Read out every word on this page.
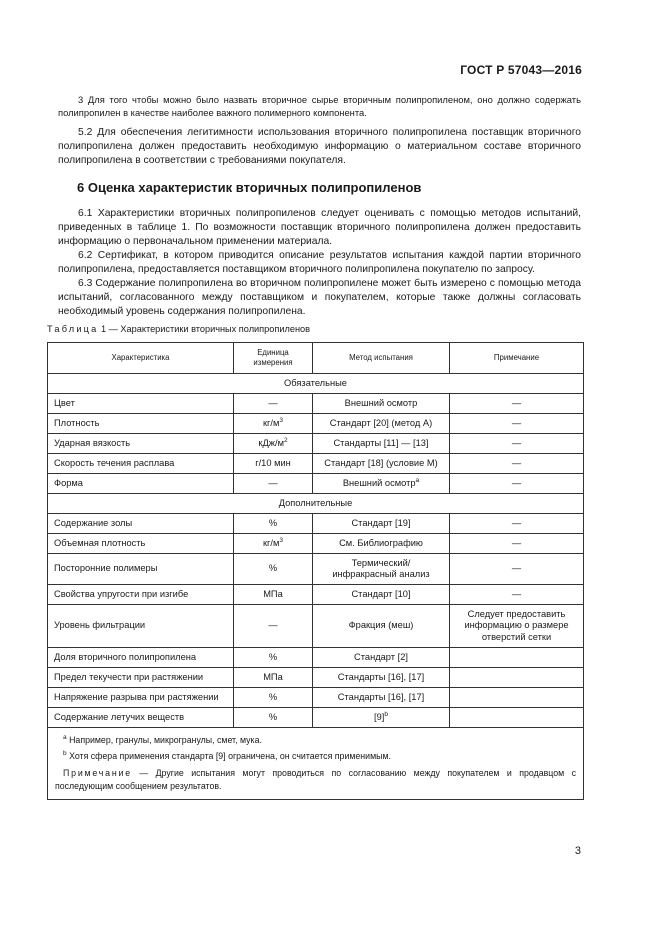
ГОСТ Р 57043—2016
3 Для того чтобы можно было назвать вторичное сырье вторичным полипропиленом, оно должно содержать полипропилен в качестве наиболее важного полимерного компонента.
5.2 Для обеспечения легитимности использования вторичного полипропилена поставщик вторичного полипропилена должен предоставить необходимую информацию о материальном составе вторичного полипропилена в соответствии с требованиями покупателя.
6 Оценка характеристик вторичных полипропиленов
6.1 Характеристики вторичных полипропиленов следует оценивать с помощью методов испытаний, приведенных в таблице 1. По возможности поставщик вторичного полипропилена должен предоставить информацию о первоначальном применении материала.
6.2 Сертификат, в котором приводится описание результатов испытания каждой партии вторичного полипропилена, предоставляется поставщиком вторичного полипропилена покупателю по запросу.
6.3 Содержание полипропилена во вторичном полипропилене может быть измерено с помощью метода испытаний, согласованного между поставщиком и покупателем, которые также должны согласовать необходимый уровень содержания полипропилена.
Таблица 1 — Характеристики вторичных полипропиленов
Характеристика	Единица измерения	Метод испытания	Примечание
Обязательные			
Цвет	—	Внешний осмотр	—
Плотность	$кг/м^3$	Стандарт [20] (метод А)	—
Ударная вязкость	кДж/$м^2$	Стандарты [11] — [13]	—
Скорость течения расплава	г/10 мин	Стандарт [18] (условие М)	—
Форма	—	Внешний осмотр$^a$	—
Дополнительные			
Содержание золы	%	Стандарт [19]	—
Объемная плотность	$кг/м^3$	См. Библиографию	—
Посторонние полимеры	%	Термический/ инфракрасный анализ	—
Свойства упругости при изгибе	МПа	Стандарт [10]	—
Уровень фильтрации	—	Фракция (меш)	Следует предоставить информацию о размере отверстий сетки
Доля вторичного полипропилена	%	Стандарт [2]	
Предел текучести при растяжении	МПа	Стандарты [16], [17]	
Напряжение разрыва при растяжении	%	Стандарты [16], [17]	
Содержание летучих веществ	%	$[9]^b$	

$^a$ Например, гранулы, микрогранулы, смет, мука.
$^b$ Хотя сфера применения стандарта [9] ограничена, он считается применимым.
Примечание — Другие испытания могут проводиться по согласованию между покупателем и продавцом с последующим сообщением результатов.			
3
